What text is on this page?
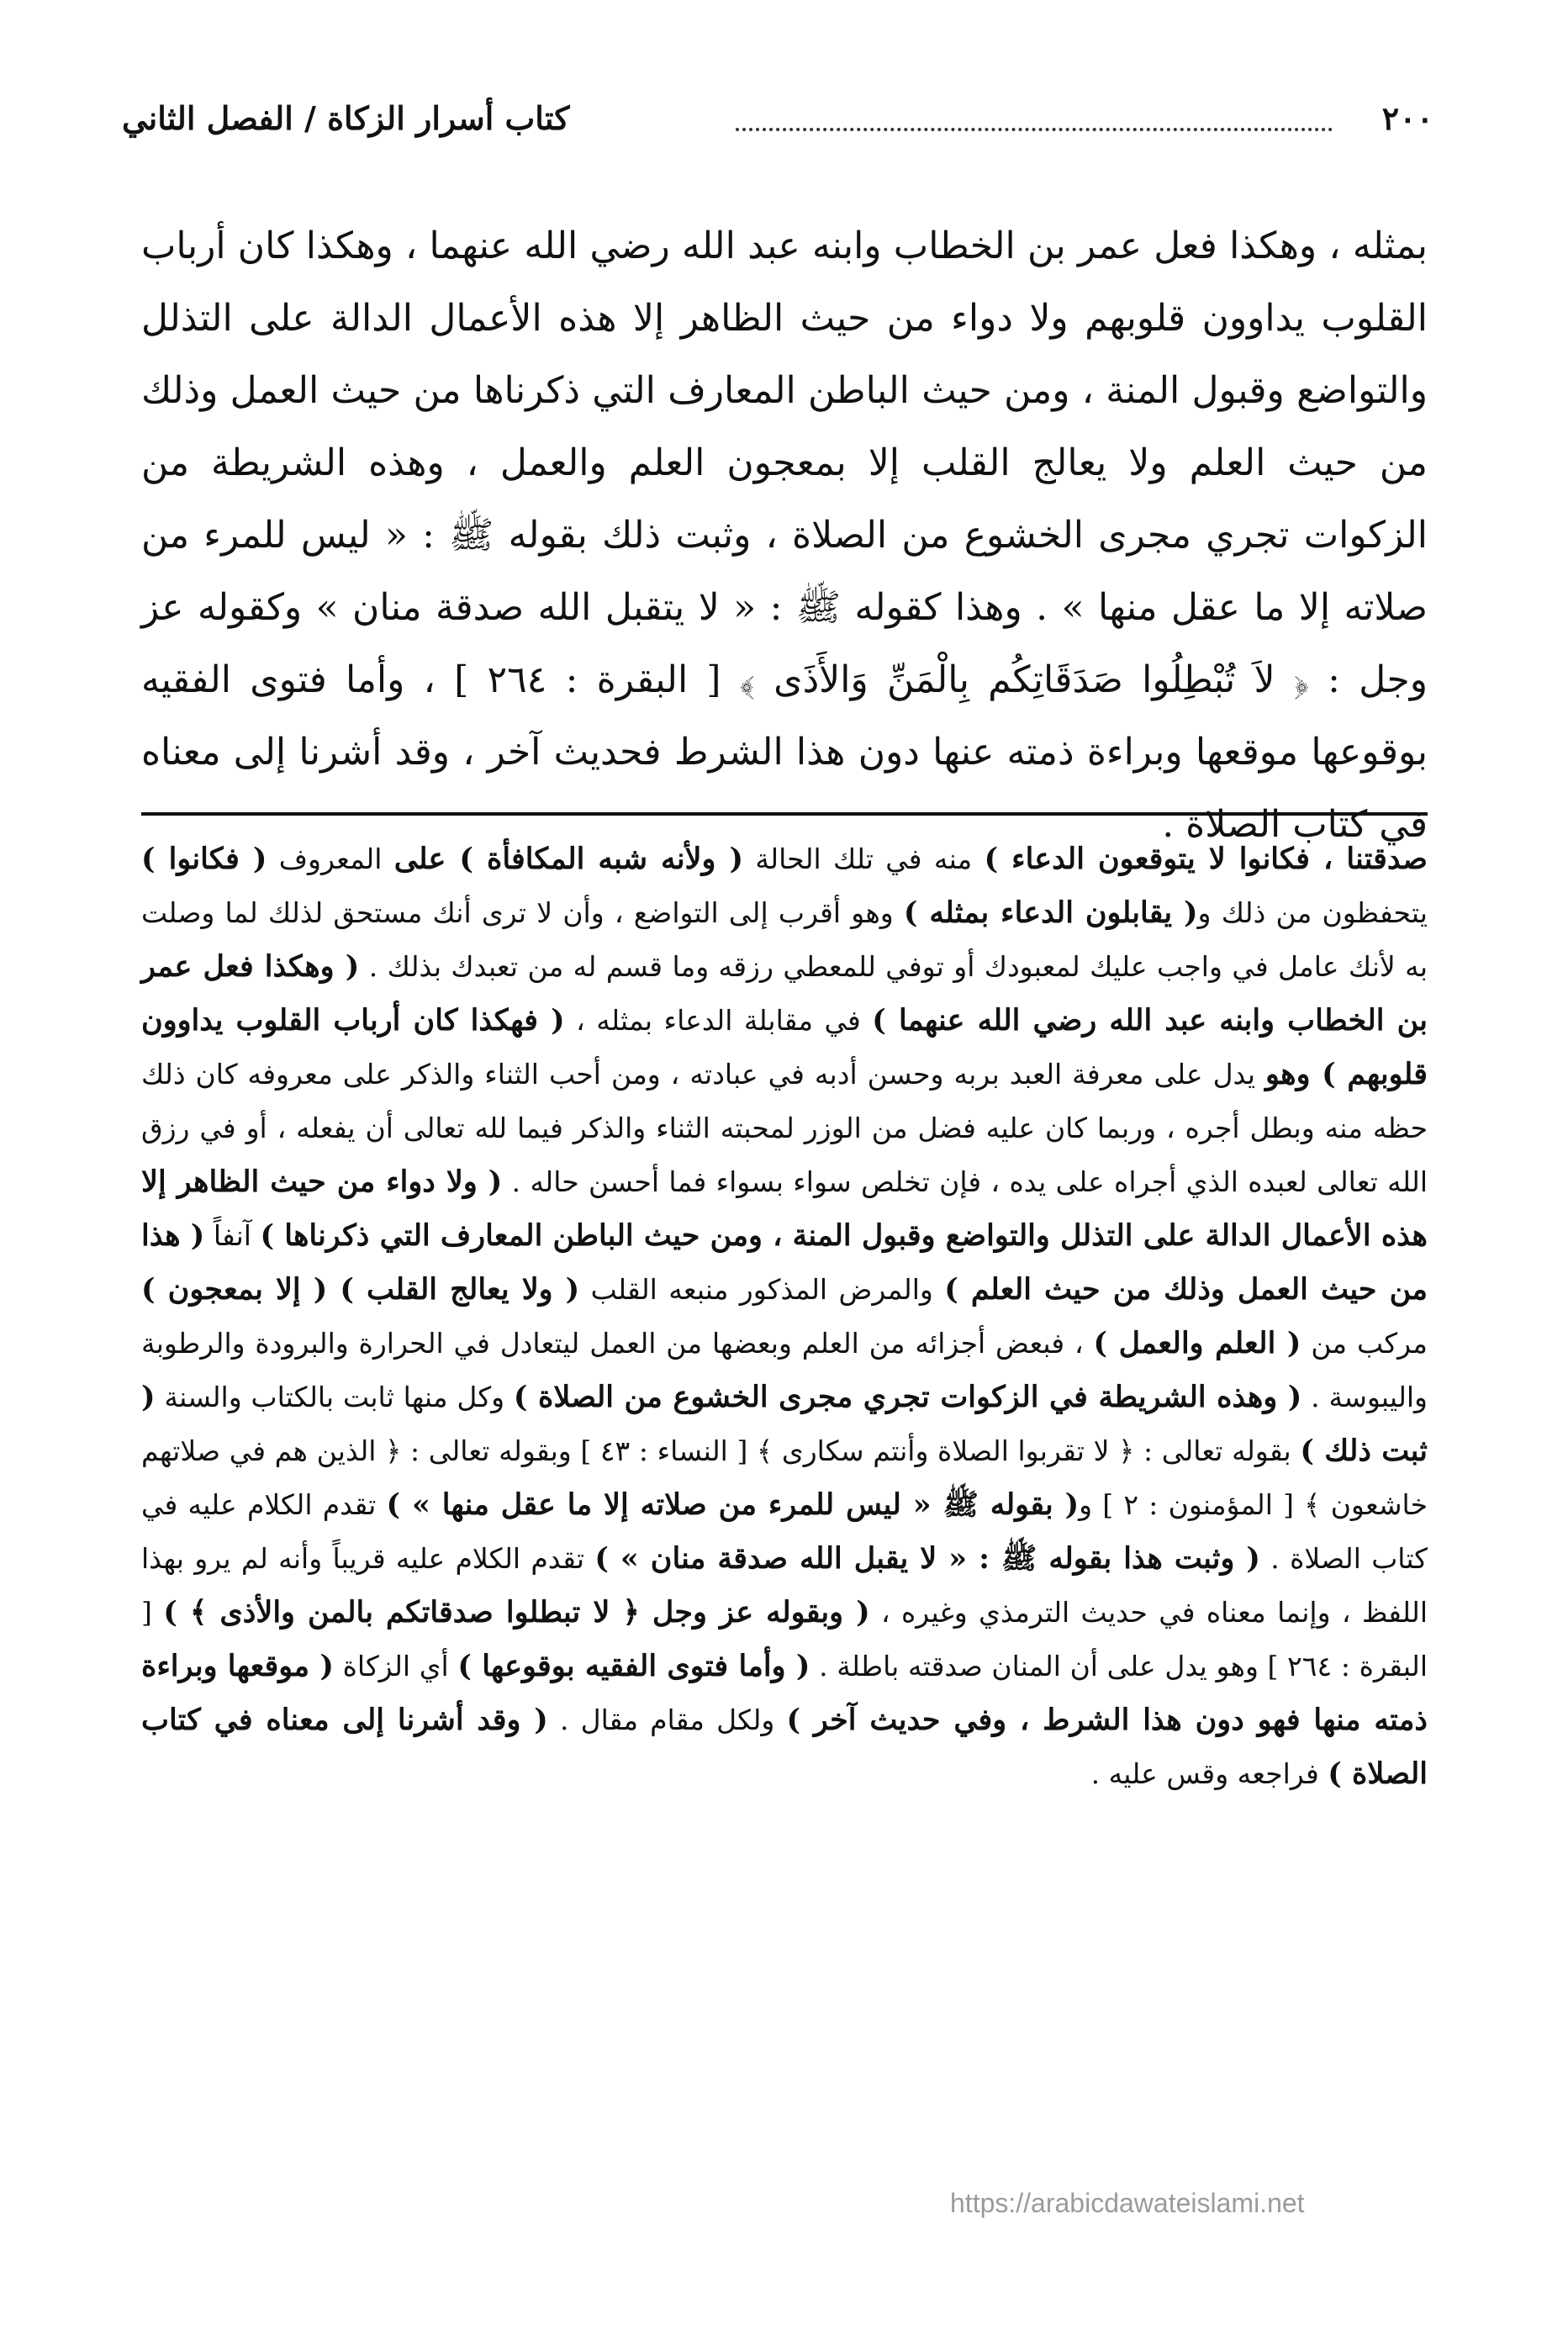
٢٠٠
كتاب أسرار الزكاة / الفصل الثاني

بمثله ، وهكذا فعل عمر بن الخطاب وابنه عبد الله رضي الله عنهما ، وهكذا كان أرباب القلوب يداوون قلوبهم ولا دواء من حيث الظاهر إلا هذه الأعمال الدالة على التذلل والتواضع وقبول المنة ، ومن حيث الباطن المعارف التي ذكرناها من حيث العمل وذلك من حيث العلم ولا يعالج القلب إلا بمعجون العلم والعمل ، وهذه الشريطة من الزكوات تجري مجرى الخشوع من الصلاة ، وثبت ذلك بقوله ﷺ : « ليس للمرء من صلاته إلا ما عقل منها » . وهذا كقوله ﷺ : « لا يتقبل الله صدقة منان » وكقوله عز وجل : ﴿ لاَ تُبْطِلُوا صَدَقَاتِكُم بِالْمَنِّ وَالأَذَى ﴾ [ البقرة : ٢٦٤ ] ، وأما فتوى الفقيه بوقوعها موقعها وبراءة ذمته عنها دون هذا الشرط فحديث آخر ، وقد أشرنا إلى معناه في كتاب الصلاة .

صدقتنا ، فكانوا لا يتوقعون الدعاء ) منه في تلك الحالة ( ولأنه شبه المكافأة ) على المعروف ( فكانوا ) يتحفظون من ذلك و( يقابلون الدعاء بمثله ) وهو أقرب إلى التواضع ، وأن لا ترى أنك مستحق لذلك لما وصلت به لأنك عامل في واجب عليك لمعبودك أو توفي للمعطي رزقه وما قسم له من تعبدك بذلك . ( وهكذا فعل عمر بن الخطاب وابنه عبد الله رضي الله عنهما ) في مقابلة الدعاء بمثله ، ( فهكذا كان أرباب القلوب يداوون قلوبهم ) وهو يدل على معرفة العبد بربه وحسن أدبه في عبادته ، ومن أحب الثناء والذكر على معروفه كان ذلك حظه منه وبطل أجره ، وربما كان عليه فضل من الوزر لمحبته الثناء والذكر فيما لله تعالى أن يفعله ، أو في رزق الله تعالى لعبده الذي أجراه على يده ، فإن تخلص سواء بسواء فما أحسن حاله . ( ولا دواء من حيث الظاهر إلا هذه الأعمال الدالة على التذلل والتواضع وقبول المنة ، ومن حيث الباطن المعارف التي ذكرناها ) آنفاً ( هذا من حيث العمل وذلك من حيث العلم ) والمرض المذكور منبعه القلب ( ولا يعالج القلب ) ( إلا بمعجون ) مركب من ( العلم والعمل ) ، فبعض أجزائه من العلم وبعضها من العمل ليتعادل في الحرارة والبرودة والرطوبة واليبوسة . ( وهذه الشريطة في الزكوات تجري مجرى الخشوع من الصلاة ) وكل منها ثابت بالكتاب والسنة ( ثبت ذلك ) بقوله تعالى : ﴿ لا تقربوا الصلاة وأنتم سكارى ﴾ [ النساء : ٤٣ ] وبقوله تعالى : ﴿ الذين هم في صلاتهم خاشعون ﴾ [ المؤمنون : ٢ ] و( بقوله ﷺ « ليس للمرء من صلاته إلا ما عقل منها » ) تقدم الكلام عليه في كتاب الصلاة . ( وثبت هذا بقوله ﷺ : « لا يقبل الله صدقة منان » ) تقدم الكلام عليه قريباً وأنه لم يرو بهذا اللفظ ، وإنما معناه في حديث الترمذي وغيره ، ( وبقوله عز وجل ﴿ لا تبطلوا صدقاتكم بالمن والأذى ﴾ ) [ البقرة : ٢٦٤ ] وهو يدل على أن المنان صدقته باطلة . ( وأما فتوى الفقيه بوقوعها ) أي الزكاة ( موقعها وبراءة ذمته منها فهو دون هذا الشرط ، وفي حديث آخر ) ولكل مقام مقال . ( وقد أشرنا إلى معناه في كتاب الصلاة ) فراجعه وقس عليه .

https://arabicdawateislami.net
